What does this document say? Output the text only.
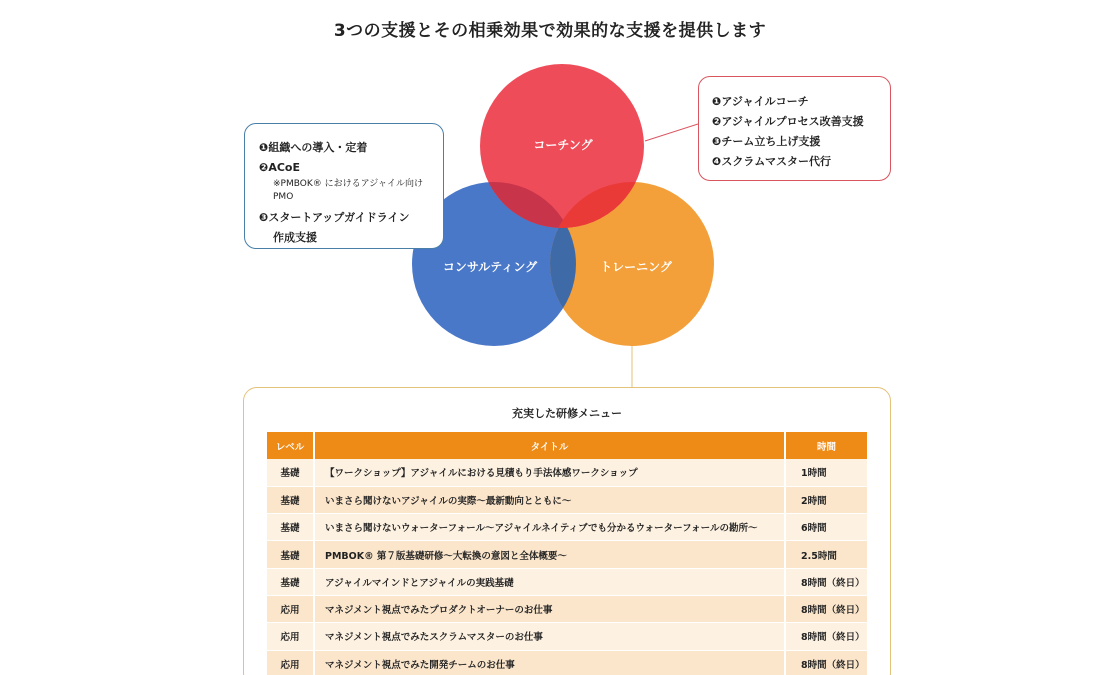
3つの支援とその相乗効果で効果的な支援を提供します
コーチング
コンサルティング	トレーニング
❶組織への導入・定着
❷ACoE
※PMBOK® におけるアジャイル向けPMO
❸スタートアップガイドライン
作成支援
❶アジャイルコーチ
❷アジャイルプロセス改善支援
❸チーム立ち上げ支援
❹スクラムマスター代行
充実した研修メニュー
レベル	タイトル	時間
基礎	【ワークショップ】アジャイルにおける見積もり手法体感ワークショップ	1時間
基礎	いまさら聞けないアジャイルの実際～最新動向とともに～	2時間
基礎	いまさら聞けないウォーターフォール～アジャイルネイティブでも分かるウォーターフォールの勘所～	6時間
基礎	PMBOK® 第７版基礎研修～大転換の意図と全体概要～	2.5時間
基礎	アジャイルマインドとアジャイルの実践基礎	8時間（終日）
応用	マネジメント視点でみたプロダクトオーナーのお仕事	8時間（終日）
応用	マネジメント視点でみたスクラムマスターのお仕事	8時間（終日）
応用	マネジメント視点でみた開発チームのお仕事	8時間（終日）
